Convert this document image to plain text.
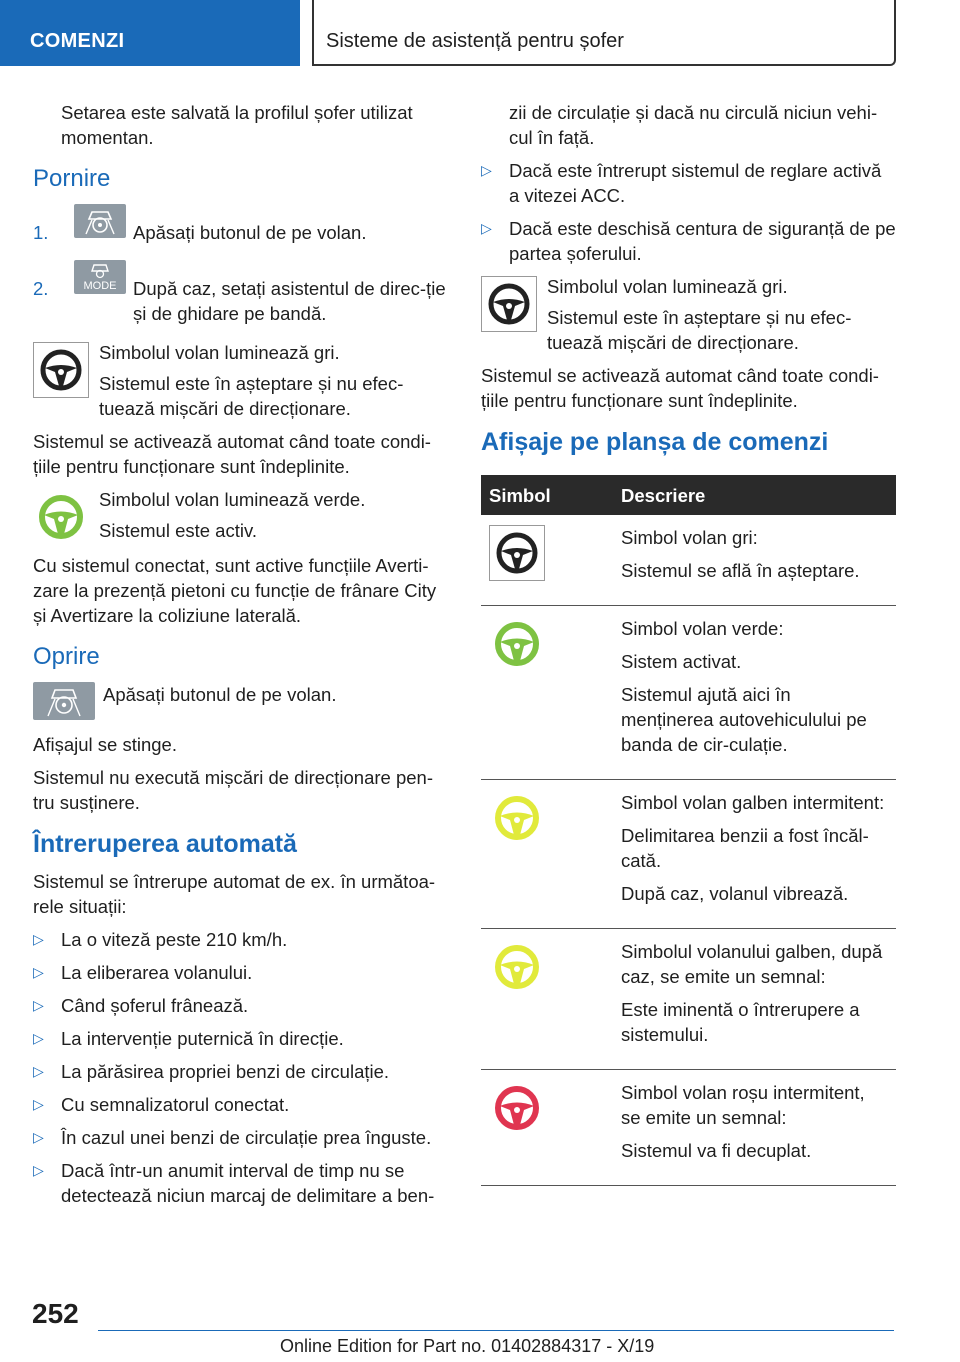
COMENZI	Sisteme de asistență pentru șofer

Setarea este salvată la profilul șofer utilizat momentan.

Pornire
1.	Apăsați butonul de pe volan.
2.	MODE După caz, setați asistentul de direc-ție și de ghidare pe bandă.

Simbolul volan luminează gri.

Sistemul este în așteptare și nu efec-tuează mișcări de direcționare.

Sistemul se activează automat când toate condi-țiile pentru funcționare sunt îndeplinite.

Simbolul volan luminează verde.

Sistemul este activ.

Cu sistemul conectat, sunt active funcțiile Averti-zare la prezență pietoni cu funcție de frânare City și Avertizare la coliziune laterală.

Oprire

Apăsați butonul de pe volan.

Afișajul se stinge.

Sistemul nu execută mișcări de direcționare pen-tru susținere.

Întreruperea automată

Sistemul se întrerupe automat de ex. în următoa-rele situații:

▷ La o viteză peste 210 km/h.
▷ La eliberarea volanului.
▷ Când șoferul frânează.
▷ La intervenție puternică în direcție.
▷ La părăsirea propriei benzi de circulație.
▷ Cu semnalizatorul conectat.
▷ În cazul unei benzi de circulație prea înguste.
▷ Dacă într-un anumit interval de timp nu se detectează niciun marcaj de delimitare a ben-

zii de circulație și dacă nu circulă niciun vehi-cul în față.

▷ Dacă este întrerupt sistemul de reglare activă a vitezei ACC.
▷ Dacă este deschisă centura de siguranță de pe partea șoferului.

Simbolul volan luminează gri.

Sistemul este în așteptare și nu efec-tuează mișcări de direcționare.

Sistemul se activează automat când toate condi-țiile pentru funcționare sunt îndeplinite.

Afișaje pe planșa de comenzi
Simbol	Descriere

Simbol volan gri:

Sistemul se află în așteptare.

Simbol volan verde:

Sistem activat.

Sistemul ajută aici în menținerea autovehiculului pe banda de cir-culație.

Simbol volan galben intermitent:

Delimitarea benzii a fost încăl-cată.

După caz, volanul vibrează.

Simbolul volanului galben, după caz, se emite un semnal:

Este iminentă o întrerupere a sistemului.

Simbol volan roșu intermitent, se emite un semnal:

Sistemul va fi decuplat.

252
Online Edition for Part no. 01402884317 - X/19
